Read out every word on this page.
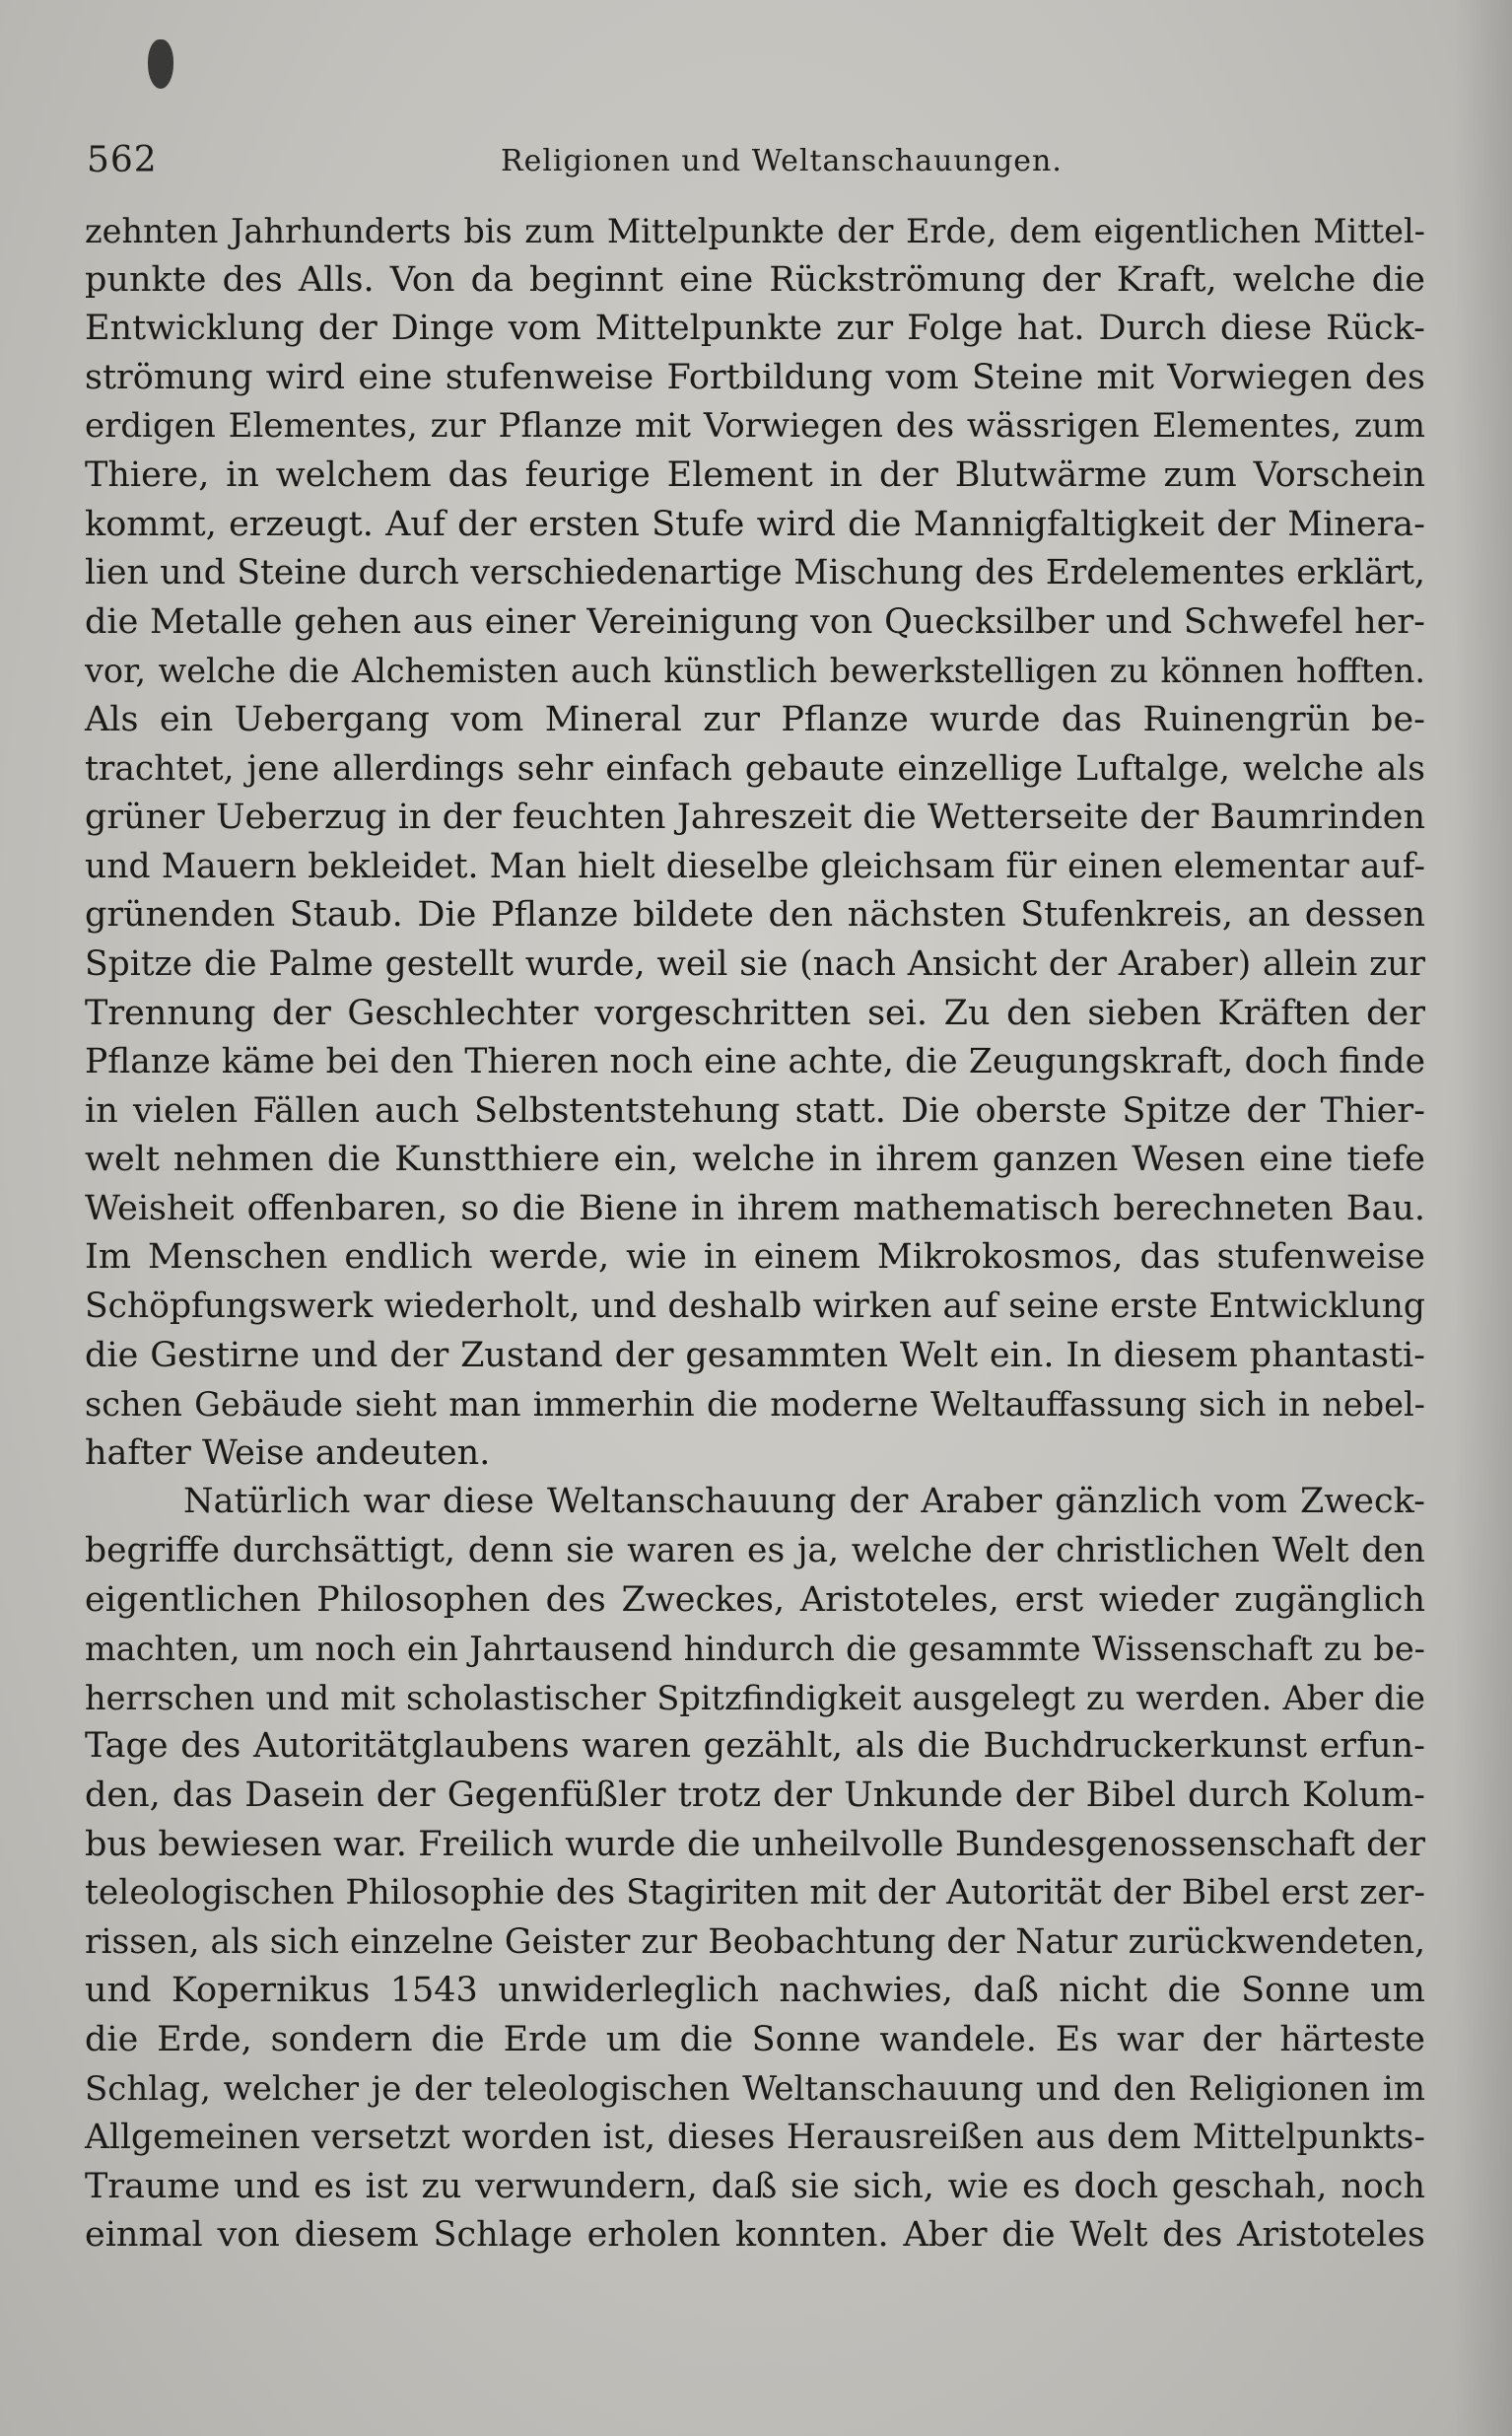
562	Religionen und Weltanschauungen.
zehnten Jahrhunderts bis zum Mittelpunkte der Erde, dem eigentlichen Mittel-
punkte des Alls. Von da beginnt eine Rückströmung der Kraft, welche die
Entwicklung der Dinge vom Mittelpunkte zur Folge hat. Durch diese Rück-
strömung wird eine stufenweise Fortbildung vom Steine mit Vorwiegen des
erdigen Elementes, zur Pflanze mit Vorwiegen des wässrigen Elementes, zum
Thiere, in welchem das feurige Element in der Blutwärme zum Vorschein
kommt, erzeugt. Auf der ersten Stufe wird die Mannigfaltigkeit der Minera-
lien und Steine durch verschiedenartige Mischung des Erdelementes erklärt,
die Metalle gehen aus einer Vereinigung von Quecksilber und Schwefel her-
vor, welche die Alchemisten auch künstlich bewerkstelligen zu können hofften.
Als ein Uebergang vom Mineral zur Pflanze wurde das Ruinengrün be-
trachtet, jene allerdings sehr einfach gebaute einzellige Luftalge, welche als
grüner Ueberzug in der feuchten Jahreszeit die Wetterseite der Baumrinden
und Mauern bekleidet. Man hielt dieselbe gleichsam für einen elementar auf-
grünenden Staub. Die Pflanze bildete den nächsten Stufenkreis, an dessen
Spitze die Palme gestellt wurde, weil sie (nach Ansicht der Araber) allein zur
Trennung der Geschlechter vorgeschritten sei. Zu den sieben Kräften der
Pflanze käme bei den Thieren noch eine achte, die Zeugungskraft, doch finde
in vielen Fällen auch Selbstentstehung statt. Die oberste Spitze der Thier-
welt nehmen die Kunstthiere ein, welche in ihrem ganzen Wesen eine tiefe
Weisheit offenbaren, so die Biene in ihrem mathematisch berechneten Bau.
Im Menschen endlich werde, wie in einem Mikrokosmos, das stufenweise
Schöpfungswerk wiederholt, und deshalb wirken auf seine erste Entwicklung
die Gestirne und der Zustand der gesammten Welt ein. In diesem phantasti-
schen Gebäude sieht man immerhin die moderne Weltauffassung sich in nebel-
hafter Weise andeuten.
Natürlich war diese Weltanschauung der Araber gänzlich vom Zweck-
begriffe durchsättigt, denn sie waren es ja, welche der christlichen Welt den
eigentlichen Philosophen des Zweckes, Aristoteles, erst wieder zugänglich
machten, um noch ein Jahrtausend hindurch die gesammte Wissenschaft zu be-
herrschen und mit scholastischer Spitzfindigkeit ausgelegt zu werden. Aber die
Tage des Autoritätglaubens waren gezählt, als die Buchdruckerkunst erfun-
den, das Dasein der Gegenfüßler trotz der Unkunde der Bibel durch Kolum-
bus bewiesen war. Freilich wurde die unheilvolle Bundesgenossenschaft der
teleologischen Philosophie des Stagiriten mit der Autorität der Bibel erst zer-
rissen, als sich einzelne Geister zur Beobachtung der Natur zurückwendeten,
und Kopernikus 1543 unwiderleglich nachwies, daß nicht die Sonne um
die Erde, sondern die Erde um die Sonne wandele. Es war der härteste
Schlag, welcher je der teleologischen Weltanschauung und den Religionen im
Allgemeinen versetzt worden ist, dieses Herausreißen aus dem Mittelpunkts-
Traume und es ist zu verwundern, daß sie sich, wie es doch geschah, noch
einmal von diesem Schlage erholen konnten. Aber die Welt des Aristoteles
